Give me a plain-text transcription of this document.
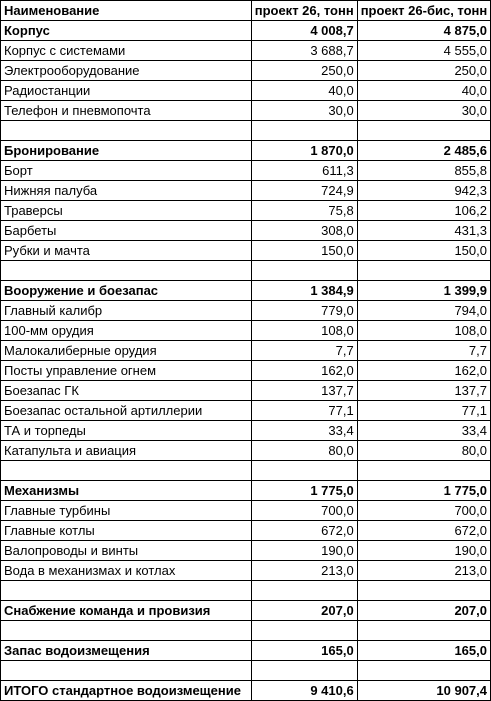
Наименование	проект 26, тонн	проект 26-бис, тонн
Корпус	4 008,7	4 875,0
Корпус с системами	3 688,7	4 555,0
Электрооборудование	250,0	250,0
Радиостанции	40,0	40,0
Телефон и пневмопочта	30,0	30,0

Бронирование	1 870,0	2 485,6
Борт	611,3	855,8
Нижняя палуба	724,9	942,3
Траверсы	75,8	106,2
Барбеты	308,0	431,3
Рубки и мачта	150,0	150,0

Вооружение и боезапас	1 384,9	1 399,9
Главный калибр	779,0	794,0
100-мм орудия	108,0	108,0
Малокалиберные орудия	7,7	7,7
Посты управление огнем	162,0	162,0
Боезапас ГК	137,7	137,7
Боезапас остальной артиллерии	77,1	77,1
ТА и торпеды	33,4	33,4
Катапульта и авиация	80,0	80,0

Механизмы	1 775,0	1 775,0
Главные турбины	700,0	700,0
Главные котлы	672,0	672,0
Валопроводы и винты	190,0	190,0
Вода в механизмах и котлах	213,0	213,0

Снабжение команда и провизия	207,0	207,0

Запас водоизмещения	165,0	165,0

ИТОГО стандартное водоизмещение	9 410,6	10 907,4
